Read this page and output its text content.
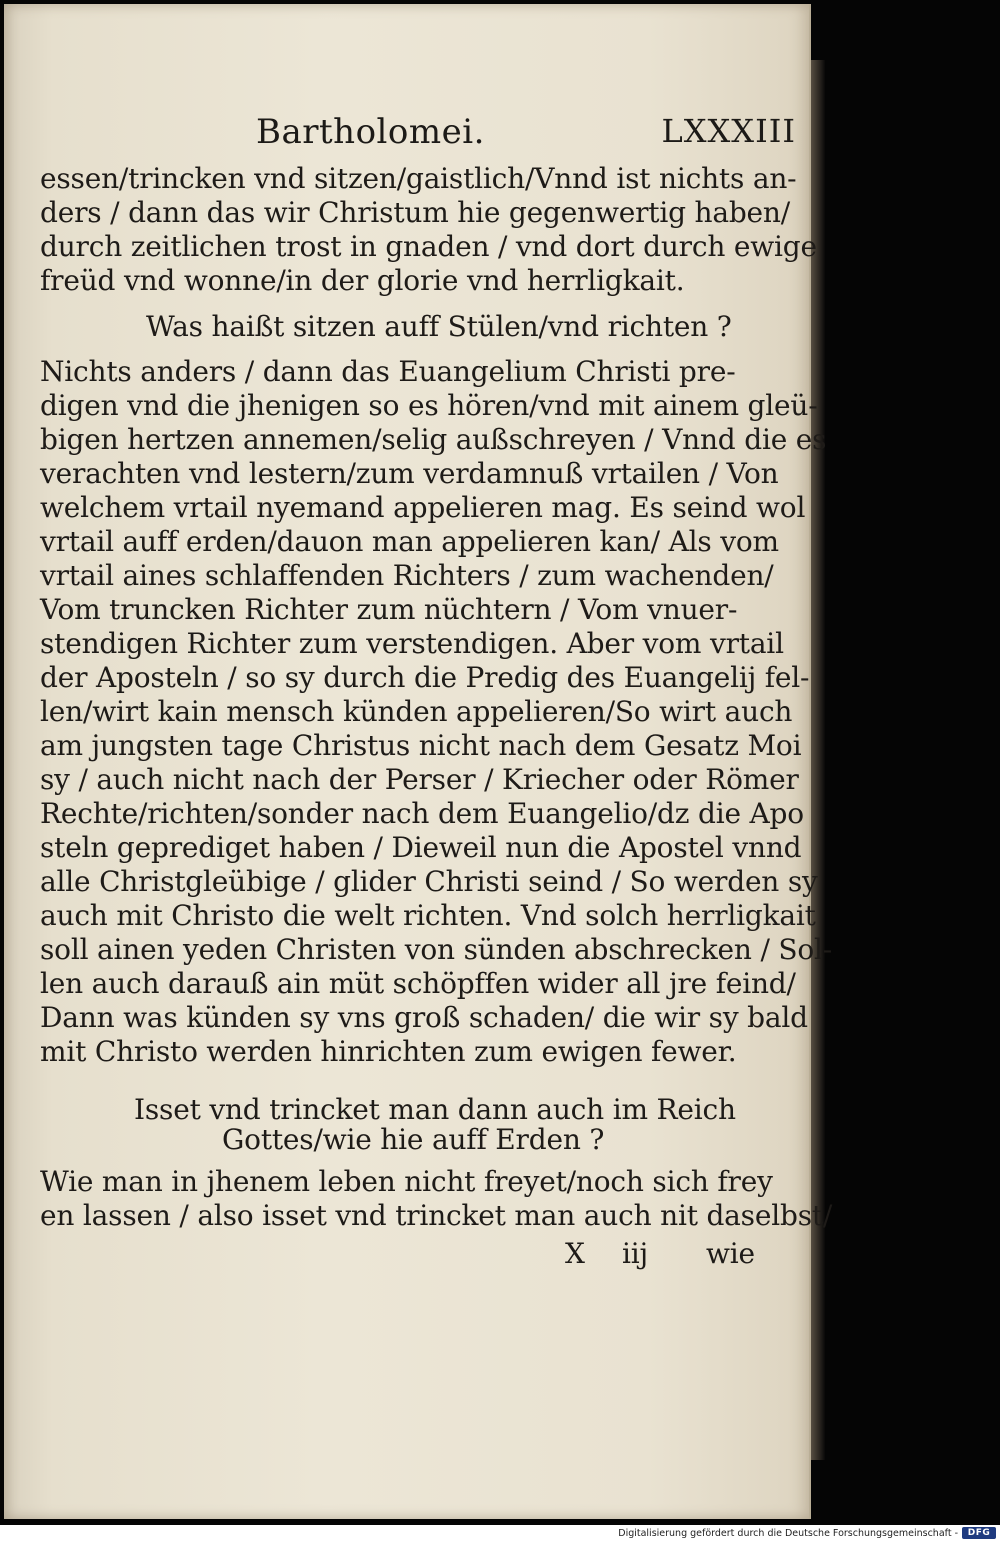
Bartholomei.	LXXXIII
essen/trincken vnd sitzen/gaistlich/Vnnd ist nichts an-
ders / dann das wir Christum hie gegenwertig haben/
durch zeitlichen trost in gnaden / vnd dort durch ewige
freüd vnd wonne/in der glorie vnd herrligkait.
Was haißt sitzen auff Stülen/vnd richten ?
Nichts anders / dann das Euangelium Christi pre-
digen vnd die jhenigen so es hören/vnd mit ainem gleü-
bigen hertzen annemen/selig außschreyen / Vnnd die es
verachten vnd lestern/zum verdamnuß vrtailen / Von
welchem vrtail nyemand appelieren mag. Es seind wol
vrtail auff erden/dauon man appelieren kan/ Als vom
vrtail aines schlaffenden Richters / zum wachenden/
Vom truncken Richter zum nüchtern / Vom vnuer-
stendigen Richter zum verstendigen. Aber vom vrtail
der Aposteln / so sy durch die Predig des Euangelij fel-
len/wirt kain mensch künden appelieren/So wirt auch
am jungsten tage Christus nicht nach dem Gesatz Moi
sy / auch nicht nach der Perser / Kriecher oder Römer
Rechte/richten/sonder nach dem Euangelio/dz die Apo
steln geprediget haben / Dieweil nun die Apostel vnnd
alle Christgleübige / glider Christi seind / So werden sy
auch mit Christo die welt richten. Vnd solch herrligkait
soll ainen yeden Christen von sünden abschrecken / Sol-
len auch darauß ain müt schöpffen wider all jre feind/
Dann was künden sy vns groß schaden/ die wir sy bald
mit Christo werden hinrichten zum ewigen fewer.
Isset vnd trincket man dann auch im Reich
Gottes/wie hie auff Erden ?
Wie man in jhenem leben nicht freyet/noch sich frey
en lassen / also isset vnd trincket man auch nit daselbst/
X iij wie
Digitalisierung gefördert durch die Deutsche Forschungsgemeinschaft -	DFG
